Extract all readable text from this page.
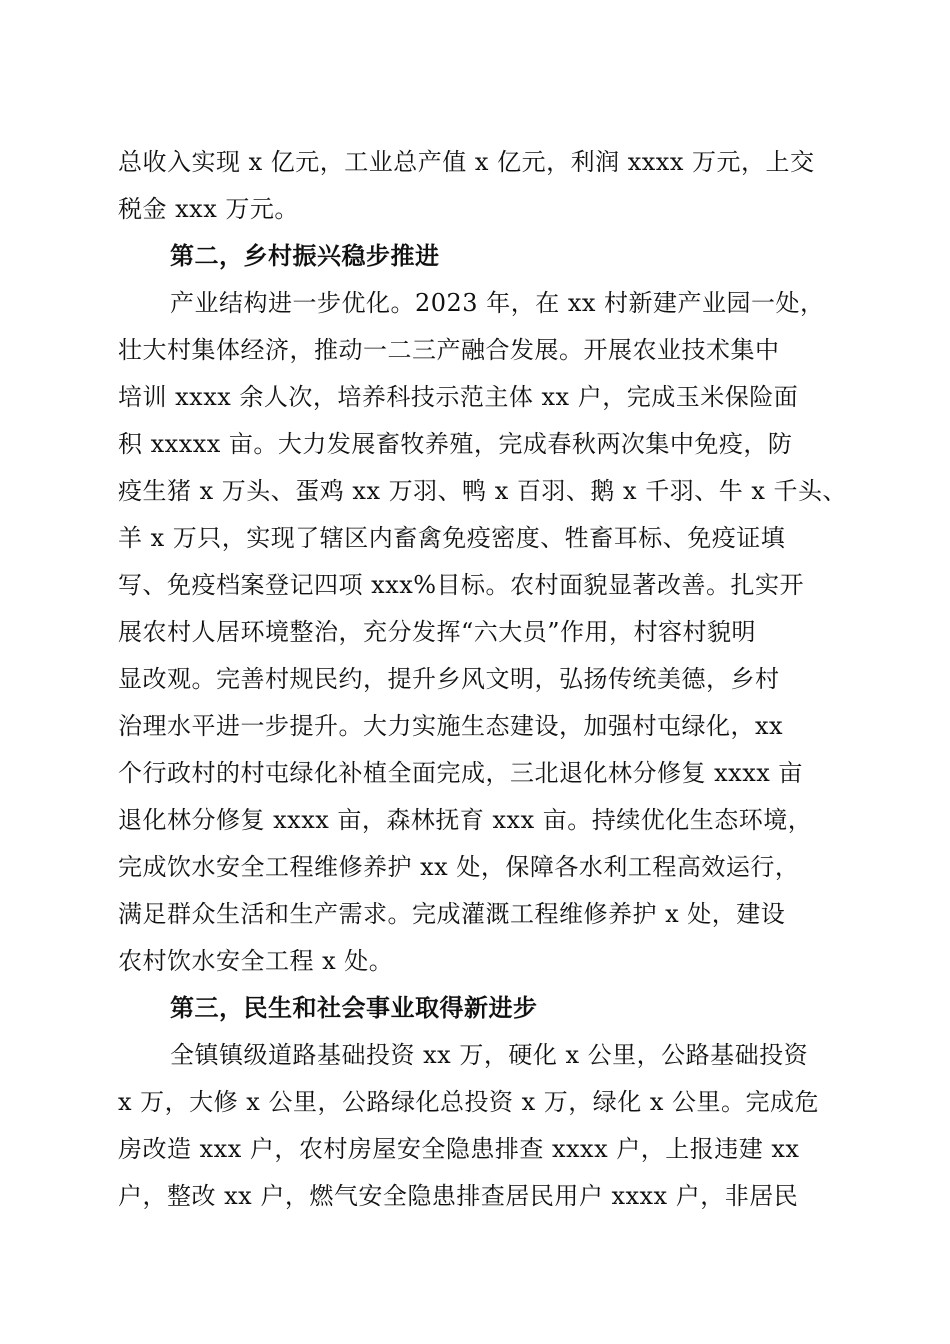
总收入实现 x 亿元，工业总产值 x 亿元，利润 xxxx 万元，上交
税金 xxx 万元。
第二，乡村振兴稳步推进
产业结构进一步优化。2023 年，在 xx 村新建产业园一处，
壮大村集体经济，推动一二三产融合发展。开展农业技术集中
培训 xxxx 余人次，培养科技示范主体 xx 户，完成玉米保险面
积 xxxxx 亩。大力发展畜牧养殖，完成春秋两次集中免疫，防
疫生猪 x 万头、蛋鸡 xx 万羽、鸭 x 百羽、鹅 x 千羽、牛 x 千头、
羊 x 万只，实现了辖区内畜禽免疫密度、牲畜耳标、免疫证填
写、免疫档案登记四项 xxx%目标。农村面貌显著改善。扎实开
展农村人居环境整治，充分发挥“六大员”作用，村容村貌明
显改观。完善村规民约，提升乡风文明，弘扬传统美德，乡村
治理水平进一步提升。大力实施生态建设，加强村屯绿化，xx
个行政村的村屯绿化补植全面完成，三北退化林分修复 xxxx 亩
退化林分修复 xxxx 亩，森林抚育 xxx 亩。持续优化生态环境，
完成饮水安全工程维修养护 xx 处，保障各水利工程高效运行，
满足群众生活和生产需求。完成灌溉工程维修养护 x 处，建设
农村饮水安全工程 x 处。
第三，民生和社会事业取得新进步
全镇镇级道路基础投资 xx 万，硬化 x 公里，公路基础投资
x 万，大修 x 公里，公路绿化总投资 x 万，绿化 x 公里。完成危
房改造 xxx 户，农村房屋安全隐患排查 xxxx 户，上报违建 xx
户，整改 xx 户，燃气安全隐患排查居民用户 xxxx 户，非居民
